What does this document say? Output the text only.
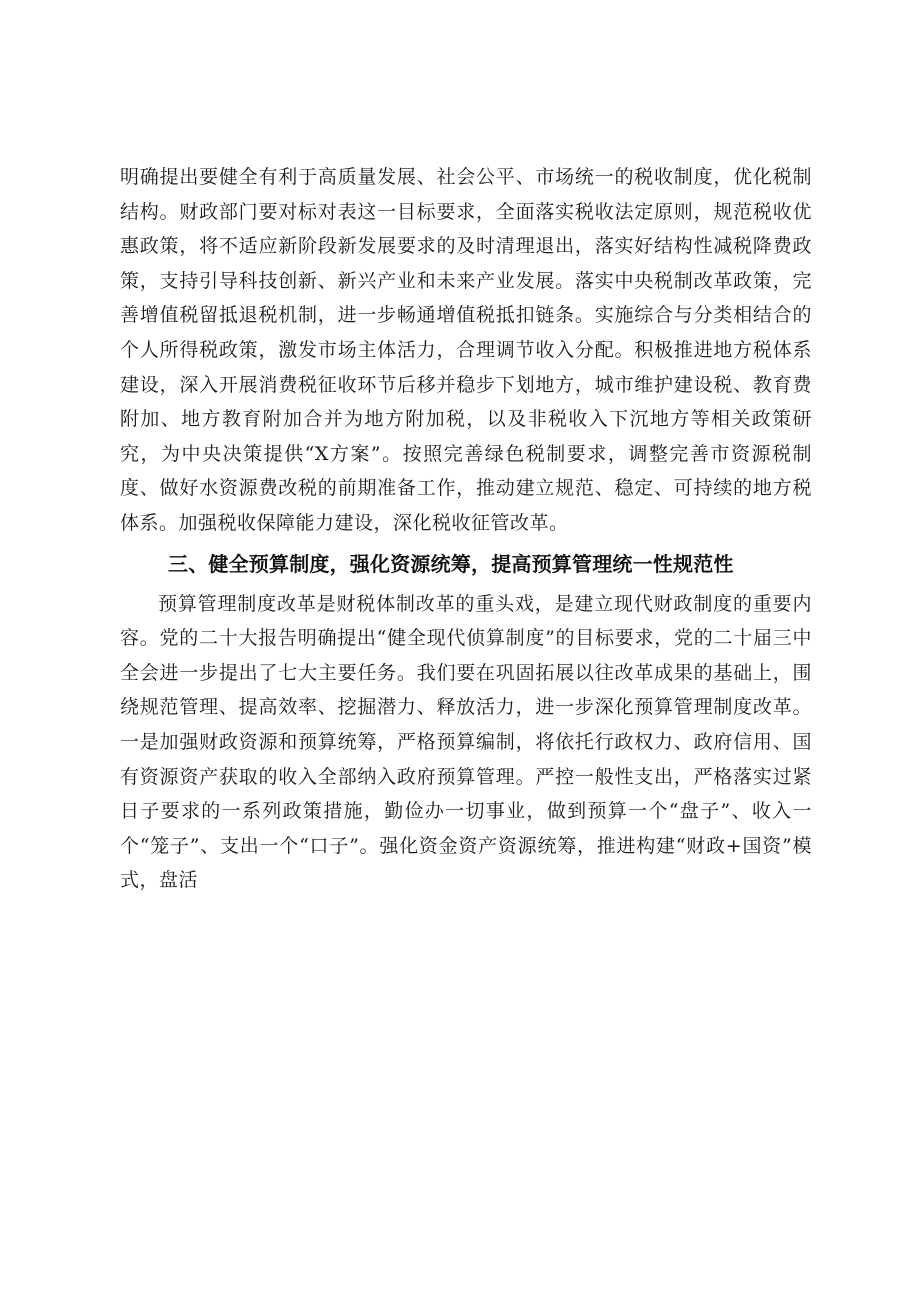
明确提出要健全有利于高质量发展、社会公平、市场统一的税收制度，优化税制结构。财政部门要对标对表这一目标要求，全面落实税收法定原则，规范税收优惠政策，将不适应新阶段新发展要求的及时清理退出，落实好结构性减税降费政策，支持引导科技创新、新兴产业和未来产业发展。落实中央税制改革政策，完善增值税留抵退税机制，进一步畅通增值税抵扣链条。实施综合与分类相结合的个人所得税政策，激发市场主体活力，合理调节收入分配。积极推进地方税体系建设，深入开展消费税征收环节后移并稳步下划地方，城市维护建设税、教育费附加、地方教育附加合并为地方附加税，以及非税收入下沉地方等相关政策研究，为中央决策提供“X方案”。按照完善绿色税制要求，调整完善市资源税制度、做好水资源费改税的前期准备工作，推动建立规范、稳定、可持续的地方税体系。加强税收保障能力建设，深化税收征管改革。

三、健全预算制度，强化资源统筹，提高预算管理统一性规范性

预算管理制度改革是财税体制改革的重头戏，是建立现代财政制度的重要内容。党的二十大报告明确提出“健全现代侦算制度”的目标要求，党的二十届三中全会进一步提出了七大主要任务。我们要在巩固拓展以往改革成果的基础上，围绕规范管理、提高效率、挖掘潜力、释放活力，进一步深化预算管理制度改革。一是加强财政资源和预算统筹，严格预算编制，将依托行政权力、政府信用、国有资源资产获取的收入全部纳入政府预算管理。严控一般性支出，严格落实过紧日子要求的一系列政策措施，勤俭办一切事业，做到预算一个“盘子”、收入一个“笼子”、支出一个“口子”。强化资金资产资源统筹，推进构建“财政+国资”模式，盘活
